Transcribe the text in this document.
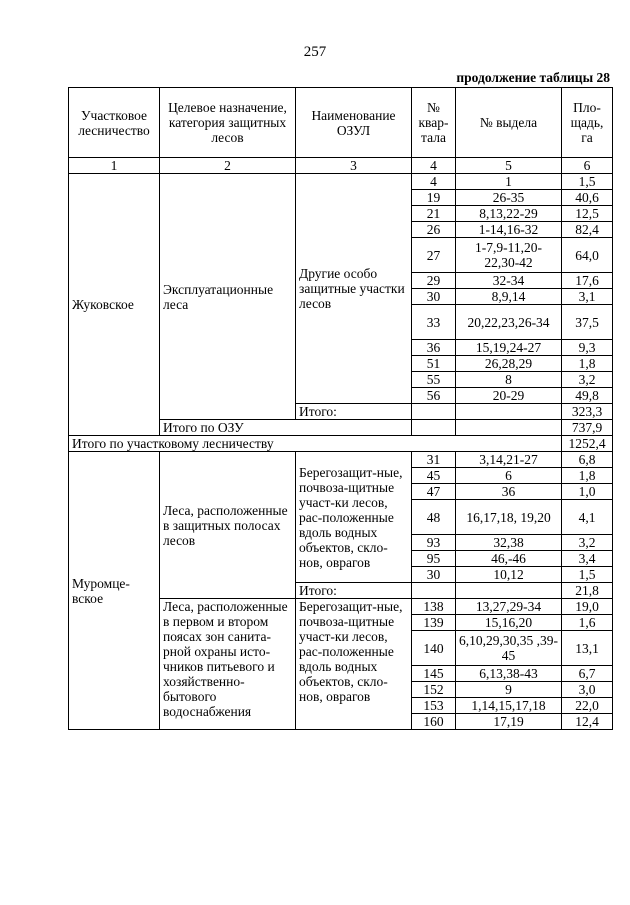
257
продолжение таблицы 28
Участковое лесничество	Целевое назначение, категория защитных лесов	Наименование ОЗУЛ	№ квар-тала	№ выдела	Пло-щадь, га
1	2	3	4	5	6
Жуковское	Эксплуатационные леса	Другие особо защитные участки лесов	4	1	1,5
			19	26-35	40,6
			21	8,13,22-29	12,5
			26	1-14,16-32	82,4
			27	1-7,9-11,20-22,30-42	64,0
			29	32-34	17,6
			30	8,9,14	3,1
			33	20,22,23,26-34	37,5
			36	15,19,24-27	9,3
			51	26,28,29	1,8
			55	8	3,2
			56	20-29	49,8
		Итого:			323,3
	Итого по ОЗУ				737,9
Итого по участковому лесничеству					1252,4
Муромце-вское	Леса, расположенные в защитных полосах лесов	Берегозащит-ные, почвоза-щитные участ-ки лесов, рас-положенные вдоль водных объектов, скло-нов, оврагов	31	3,14,21-27	6,8
			45	6	1,8
			47	36	1,0
			48	16,17,18, 19,20	4,1
			93	32,38	3,2
			95	46,-46	3,4
			30	10,12	1,5
		Итого:			21,8
	Леса, расположенные в первом и втором поясах зон санита-рной охраны исто-чников питьевого и хозяйственно-бытового водоснабжения	Берегозащит-ные, почвоза-щитные участ-ки лесов, рас-положенные вдоль водных объектов, скло-нов, оврагов	138	13,27,29-34	19,0
			139	15,16,20	1,6
			140	6,10,29,30,35 ,39-45	13,1
			145	6,13,38-43	6,7
			152	9	3,0
			153	1,14,15,17,18	22,0
			160	17,19	12,4
